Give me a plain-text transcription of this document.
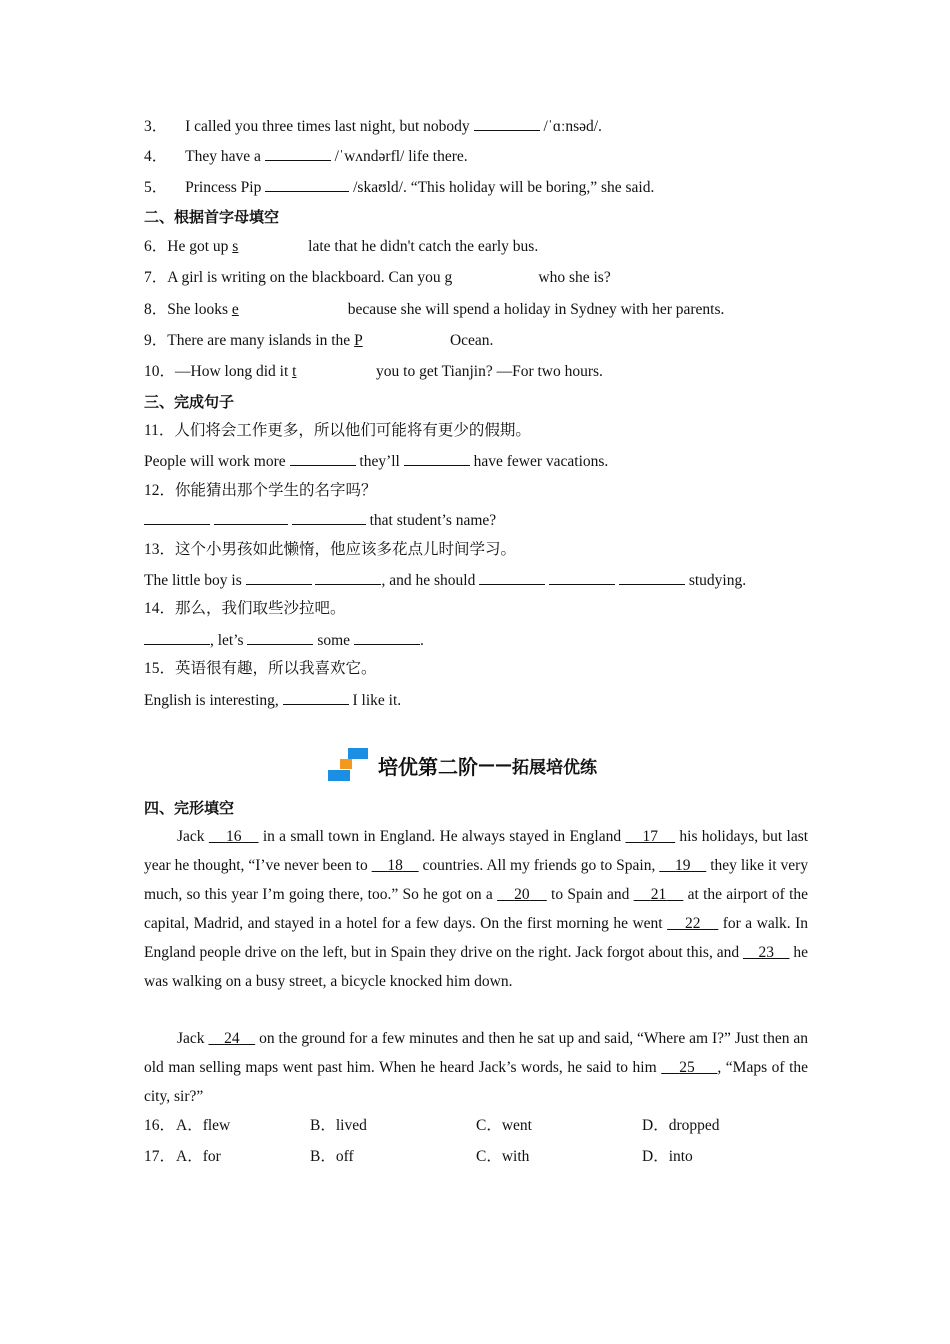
3． I called you three times last night, but nobody	/ˈɑːnsəd/.
4． They have a	/ˈwʌndərfl/ life there.
5． Princess Pip	/skaʊld/. “This holiday will be boring,” she said.
二、根据首字母填空
6．He got up s	late that he didn't catch the early bus.
7．A girl is writing on the blackboard. Can you g	who she is?
8．She looks e	because she will spend a holiday in Sydney with her parents.
9．There are many islands in the P	Ocean.
10．—How long did it t	you to get Tianjin? —For two hours.
三、完成句子
11．人们将会工作更多，所以他们可能将有更少的假期。
People will work more	they’ll	have fewer vacations.
12．你能猜出那个学生的名字吗？
that student’s name?
13．这个小男孩如此懒惰，他应该多花点儿时间学习。
The little boy is	, and he should	studying.
14．那么，我们取些沙拉吧。
, let’s	some	.
15．英语很有趣，所以我喜欢它。
English is interesting,	I like it.
培优第二阶 —— 拓展培优练
四、完形填空
Jack 16 in a small town in England. He always stayed in England 17 his holidays, but last year he thought, “I’ve never been to 18 countries. All my friends go to Spain, 19 they like it very much, so this year I’m going there, too.” So he got on a 20 to Spain and 21 at the airport of the capital, Madrid, and stayed in a hotel for a few days. On the first morning he went 22 for a walk. In England people drive on the left, but in Spain they drive on the right. Jack forgot about this, and 23 he was walking on a busy street, a bicycle knocked him down.
Jack 24 on the ground for a few minutes and then he sat up and said, “Where am I?” Just then an old man selling maps went past him. When he heard Jack’s words, he said to him 25 , “Maps of the city, sir?”
16． A．flew	B．lived	C．went	D．dropped
17． A．for	B．off	C．with	D．into
